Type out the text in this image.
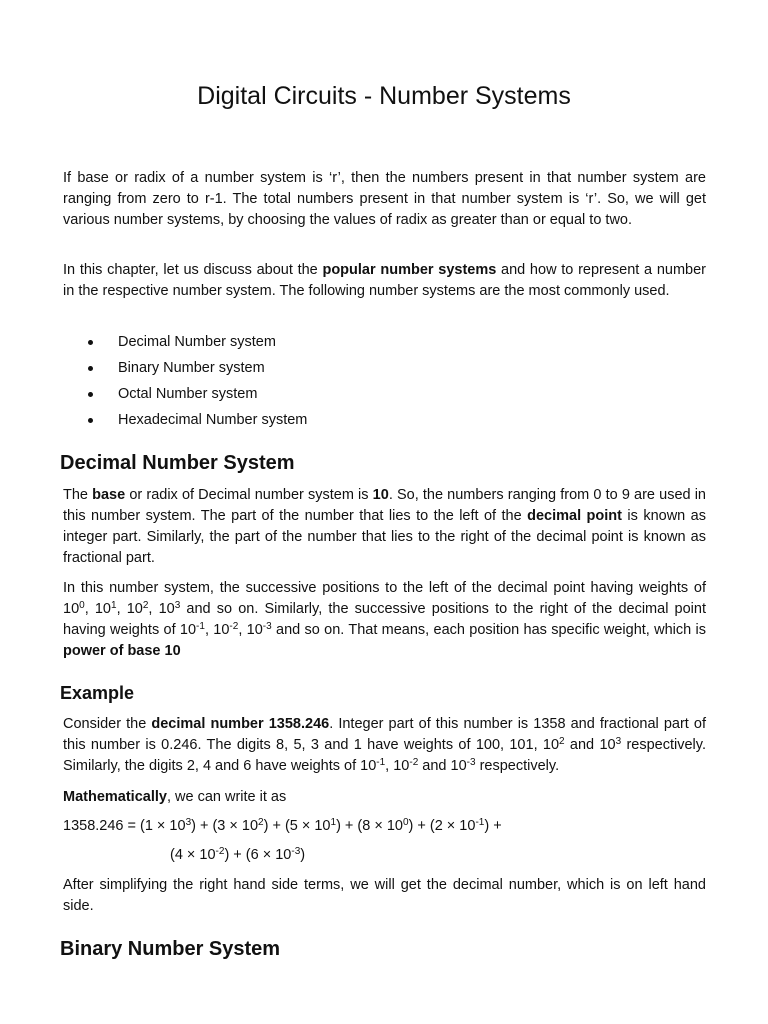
Digital Circuits - Number Systems

If base or radix of a number system is ‘r’, then the numbers present in that number system are ranging from zero to r-1. The total numbers present in that number system is ‘r’. So, we will get various number systems, by choosing the values of radix as greater than or equal to two.

In this chapter, let us discuss about the popular number systems and how to represent a number in the respective number system. The following number systems are the most commonly used.

Decimal Number system
Binary Number system
Octal Number system
Hexadecimal Number system
Decimal Number System

The base or radix of Decimal number system is 10. So, the numbers ranging from 0 to 9 are used in this number system. The part of the number that lies to the left of the decimal point is known as integer part. Similarly, the part of the number that lies to the right of the decimal point is known as fractional part.

In this number system, the successive positions to the left of the decimal point having weights of $10^0$, $10^1$, $10^2$, $10^3$ and so on. Similarly, the successive positions to the right of the decimal point having weights of $10^{-1}$, $10^{-2}$, $10^{-3}$ and so on. That means, each position has specific weight, which is power of base 10

Example

Consider the decimal number 1358.246. Integer part of this number is 1358 and fractional part of this number is 0.246. The digits 8, 5, 3 and 1 have weights of 100, 101, $10^2$ and $10^3$ respectively. Similarly, the digits 2, 4 and 6 have weights of $10^{-1}$, $10^{-2}$ and $10^{-3}$ respectively.

Mathematically, we can write it as

$1358.246 = (1 \times 10^3) + (3 \times 10^2) + (5 \times 10^1) + (8 \times 10^0) + (2 \times 10^{-1})$ +

$(4 \times 10^{-2}) + (6 \times 10^{-3})$

After simplifying the right hand side terms, we will get the decimal number, which is on left hand side.

Binary Number System
